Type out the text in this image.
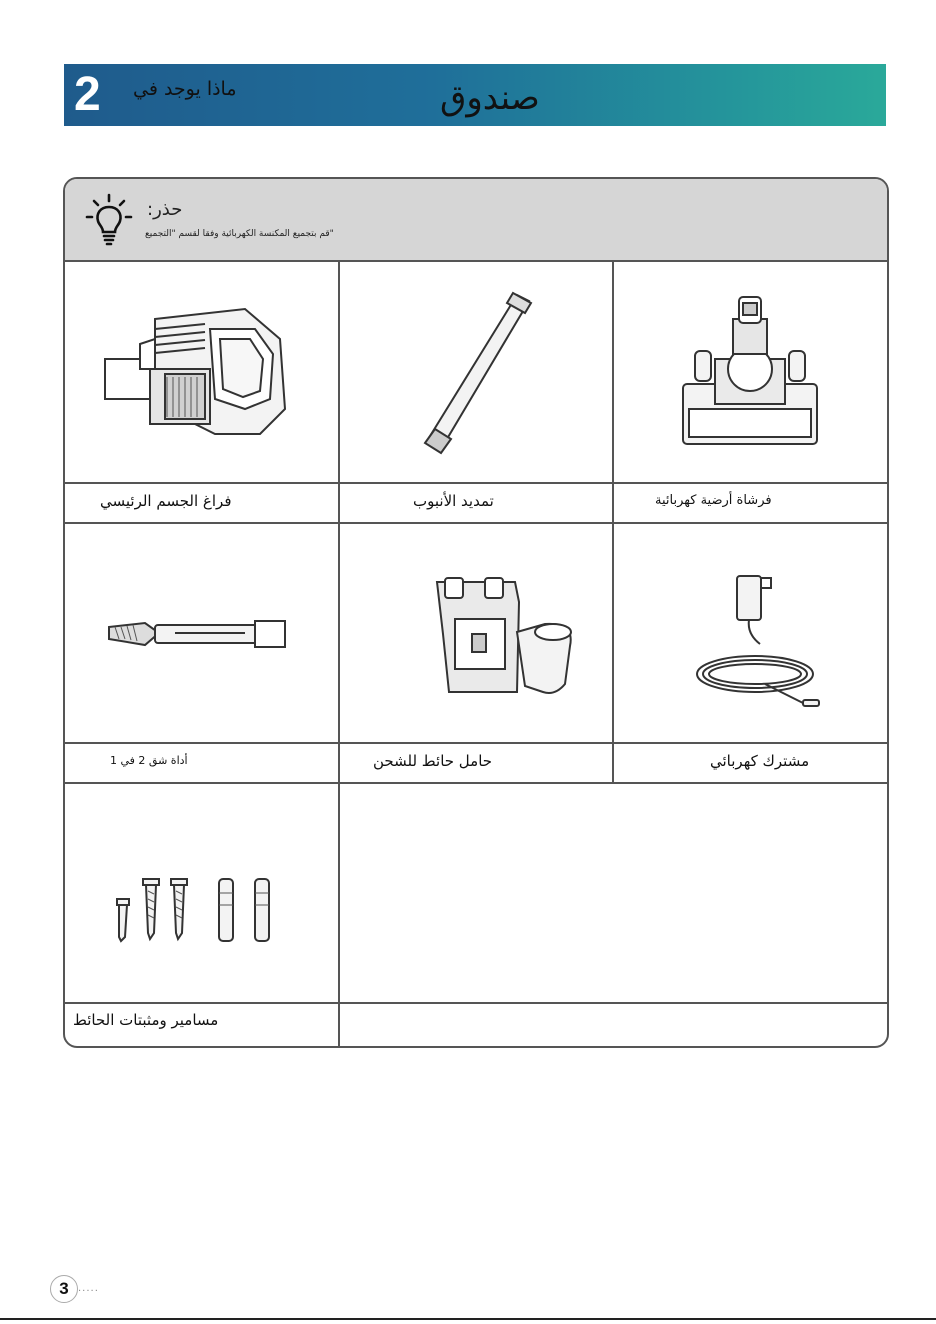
2	ماذا يوجد في	صندوق
حذر:
"قم بتجميع المكنسة الكهربائية وفقا لقسم "التجميع
فراغ الجسم الرئيسي	تمديد الأنبوب	فرشاة أرضية كهربائية
أداة شق 2 في 1	حامل حائط للشحن	مشترك كهربائي
مسامير ومثبتات الحائط
3 .....
